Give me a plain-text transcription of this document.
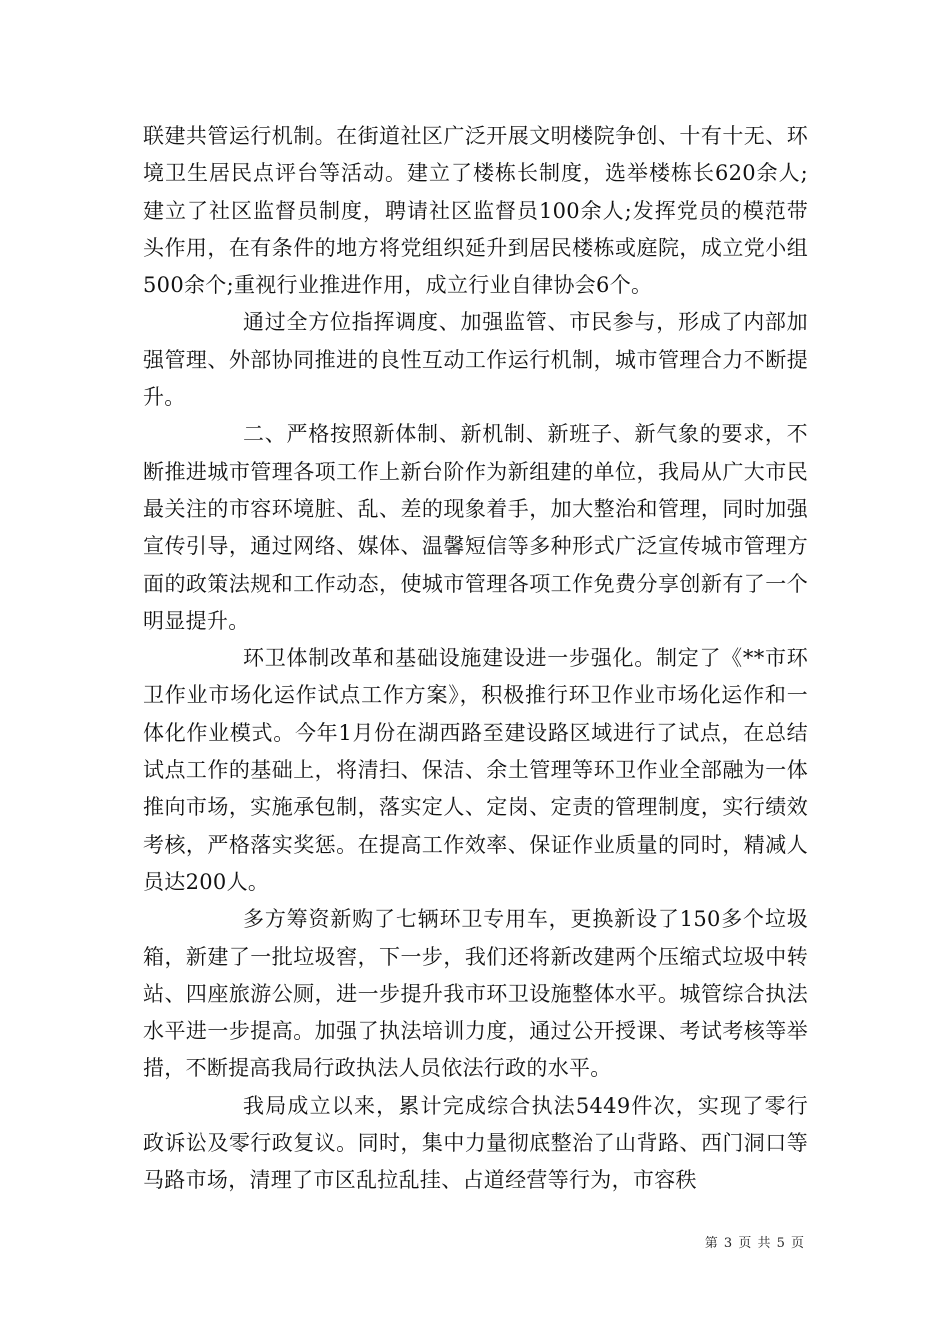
联建共管运行机制。在街道社区广泛开展文明楼院争创、十有十无、环境卫生居民点评台等活动。建立了楼栋长制度，选举楼栋长620余人;建立了社区监督员制度，聘请社区监督员100余人;发挥党员的模范带头作用，在有条件的地方将党组织延升到居民楼栋或庭院，成立党小组500余个;重视行业推进作用，成立行业自律协会6个。

通过全方位指挥调度、加强监管、市民参与，形成了内部加强管理、外部协同推进的良性互动工作运行机制，城市管理合力不断提升。

二、严格按照新体制、新机制、新班子、新气象的要求，不断推进城市管理各项工作上新台阶作为新组建的单位，我局从广大市民最关注的市容环境脏、乱、差的现象着手，加大整治和管理，同时加强宣传引导，通过网络、媒体、温馨短信等多种形式广泛宣传城市管理方面的政策法规和工作动态，使城市管理各项工作免费分享创新有了一个明显提升。

环卫体制改革和基础设施建设进一步强化。制定了《**市环卫作业市场化运作试点工作方案》，积极推行环卫作业市场化运作和一体化作业模式。今年1月份在湖西路至建设路区域进行了试点，在总结试点工作的基础上，将清扫、保洁、余土管理等环卫作业全部融为一体推向市场，实施承包制，落实定人、定岗、定责的管理制度，实行绩效考核，严格落实奖惩。在提高工作效率、保证作业质量的同时，精减人员达200人。

多方筹资新购了七辆环卫专用车，更换新设了150多个垃圾箱，新建了一批垃圾窖，下一步，我们还将新改建两个压缩式垃圾中转站、四座旅游公厕，进一步提升我市环卫设施整体水平。城管综合执法水平进一步提高。加强了执法培训力度，通过公开授课、考试考核等举措，不断提高我局行政执法人员依法行政的水平。

我局成立以来，累计完成综合执法5449件次，实现了零行政诉讼及零行政复议。同时，集中力量彻底整治了山背路、西门洞口等马路市场，清理了市区乱拉乱挂、占道经营等行为，市容秩

第 3 页 共 5 页
